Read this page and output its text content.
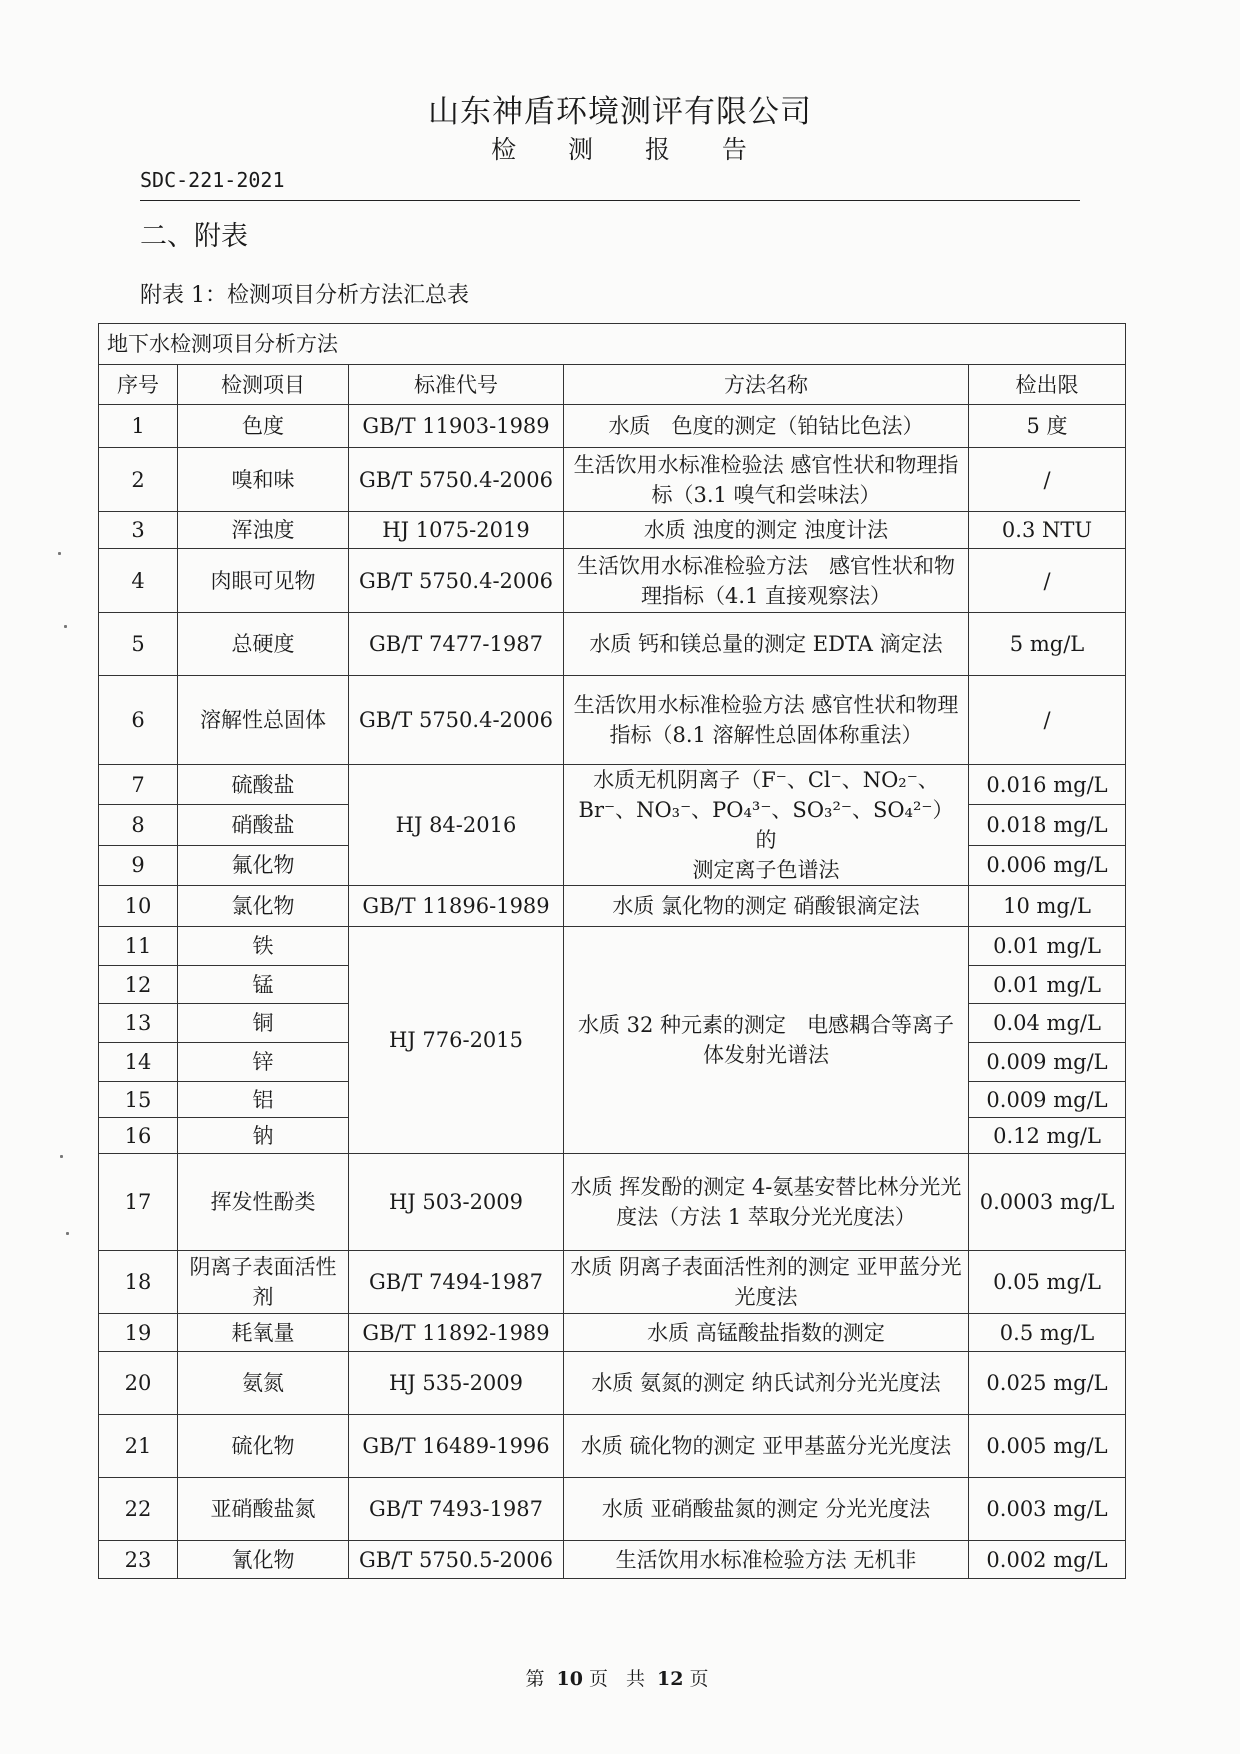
山东神盾环境测评有限公司
检 测 报 告
SDC-221-2021
二、附表
附表 1：检测项目分析方法汇总表
地下水检测项目分析方法				
序号	检测项目	标准代号	方法名称	检出限
1	色度	GB/T 11903-1989	水质　色度的测定（铂钴比色法）	5 度
2	嗅和味	GB/T 5750.4-2006	生活饮用水标准检验法 感官性状和物理指标（3.1 嗅气和尝味法）	/
3	浑浊度	HJ 1075-2019	水质 浊度的测定 浊度计法	0.3 NTU
4	肉眼可见物	GB/T 5750.4-2006	生活饮用水标准检验方法　感官性状和物理指标（4.1 直接观察法）	/
5	总硬度	GB/T 7477-1987	水质 钙和镁总量的测定 EDTA 滴定法	5 mg/L
6	溶解性总固体	GB/T 5750.4-2006	生活饮用水标准检验方法 感官性状和物理指标（8.1 溶解性总固体称重法）	/
7	硫酸盐	HJ 84-2016	水质无机阴离子（F⁻、Cl⁻、NO₂⁻、
Br⁻、NO₃⁻、PO₄³⁻、SO₃²⁻、SO₄²⁻）的
测定离子色谱法	0.016 mg/L
8	硝酸盐			0.018 mg/L
9	氟化物			0.006 mg/L
10	氯化物	GB/T 11896-1989	水质 氯化物的测定 硝酸银滴定法	10 mg/L
11	铁	HJ 776-2015	水质 32 种元素的测定　电感耦合等离子体发射光谱法	0.01 mg/L
12	锰			0.01 mg/L
13	铜			0.04 mg/L
14	锌			0.009 mg/L
15	铝			0.009 mg/L
16	钠			0.12 mg/L
17	挥发性酚类	HJ 503-2009	水质 挥发酚的测定 4-氨基安替比林分光光度法（方法 1 萃取分光光度法）	0.0003 mg/L
18	阴离子表面活性剂	GB/T 7494-1987	水质 阴离子表面活性剂的测定 亚甲蓝分光光度法	0.05 mg/L
19	耗氧量	GB/T 11892-1989	水质 高锰酸盐指数的测定	0.5 mg/L
20	氨氮	HJ 535-2009	水质 氨氮的测定 纳氏试剂分光光度法	0.025 mg/L
21	硫化物	GB/T 16489-1996	水质 硫化物的测定 亚甲基蓝分光光度法	0.005 mg/L
22	亚硝酸盐氮	GB/T 7493-1987	水质 亚硝酸盐氮的测定 分光光度法	0.003 mg/L
23	氰化物	GB/T 5750.5-2006	生活饮用水标准检验方法 无机非	0.002 mg/L
第 10 页 共 12 页
